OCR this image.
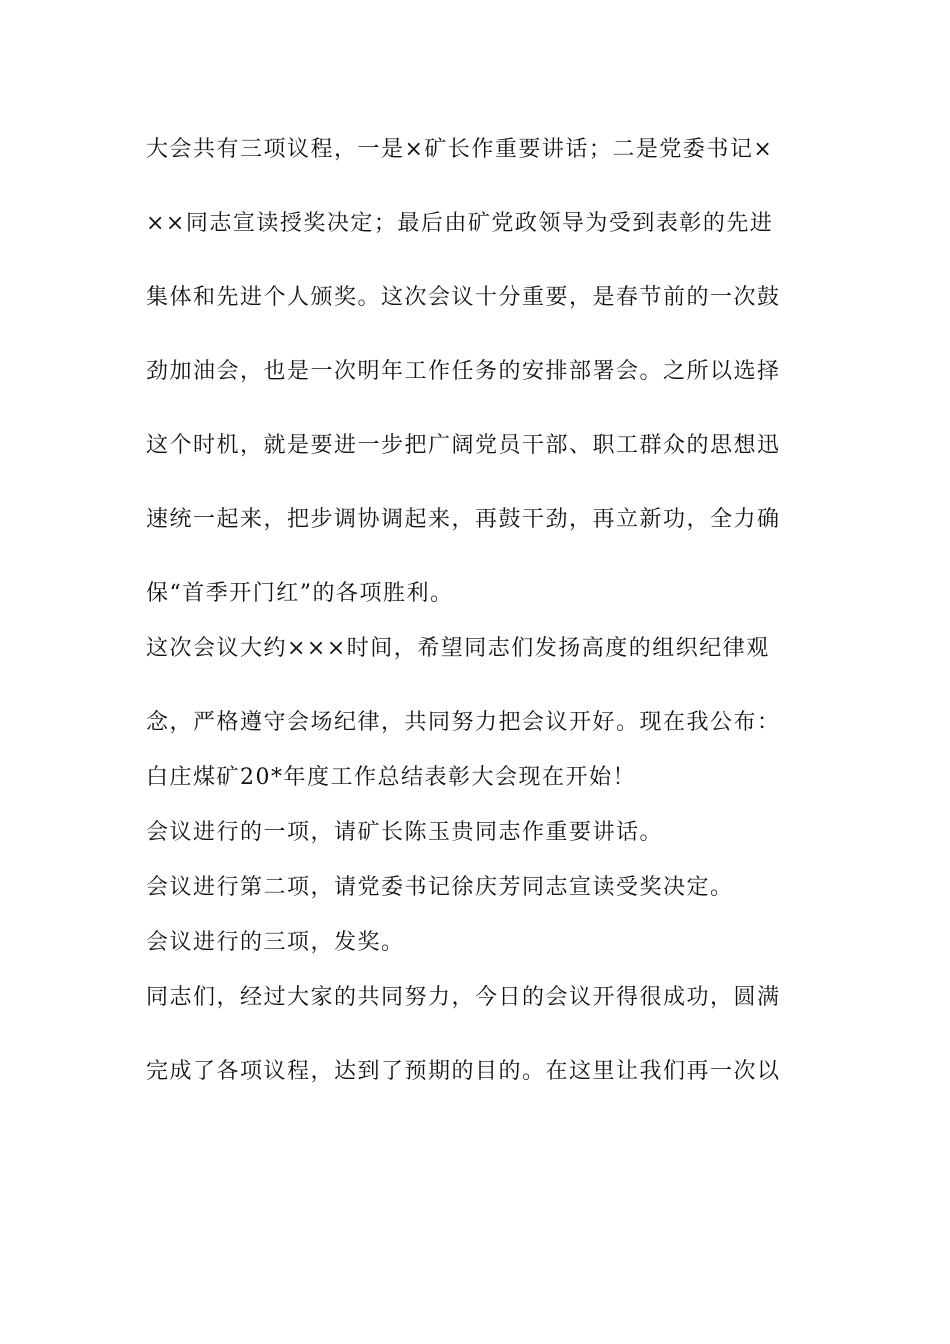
大会共有三项议程，一是×矿长作重要讲话；二是党委书记×
××同志宣读授奖决定；最后由矿党政领导为受到表彰的先进
集体和先进个人颁奖。这次会议十分重要，是春节前的一次鼓
劲加油会，也是一次明年工作任务的安排部署会。之所以选择
这个时机，就是要进一步把广阔党员干部、职工群众的思想迅
速统一起来，把步调协调起来，再鼓干劲，再立新功，全力确
保“首季开门红”的各项胜利。
这次会议大约×××时间，希望同志们发扬高度的组织纪律观
念，严格遵守会场纪律，共同努力把会议开好。现在我公布：
白庄煤矿20*年度工作总结表彰大会现在开始！
会议进行的一项，请矿长陈玉贵同志作重要讲话。
会议进行第二项，请党委书记徐庆芳同志宣读受奖决定。
会议进行的三项，发奖。
同志们，经过大家的共同努力，今日的会议开得很成功，圆满
完成了各项议程，达到了预期的目的。在这里让我们再一次以
